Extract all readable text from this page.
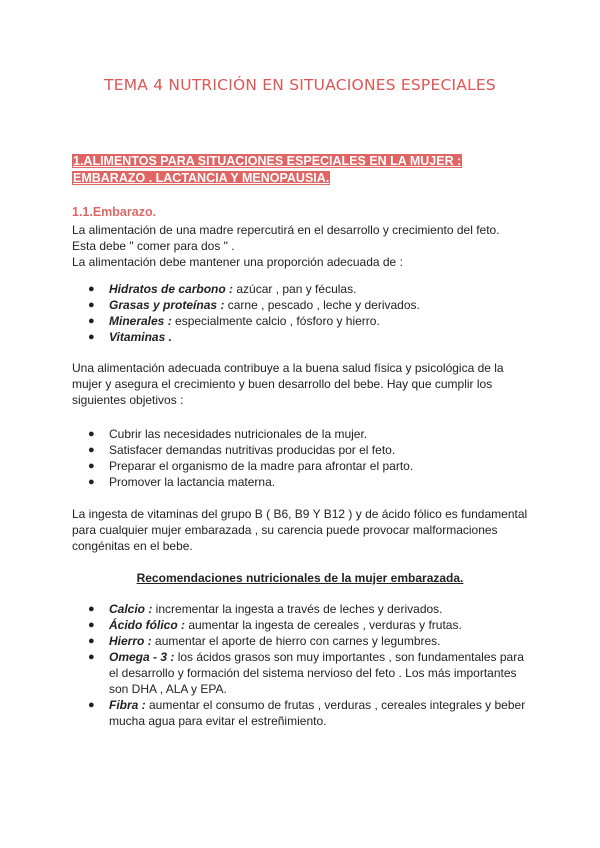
TEMA 4 NUTRICIÓN EN SITUACIONES ESPECIALES
1.ALIMENTOS PARA SITUACIONES ESPECIALES EN LA MUJER : EMBARAZO . LACTANCIA Y MENOPAUSIA.
1.1.Embarazo.
La alimentación de una madre repercutirá en el desarrollo y crecimiento del feto.
Esta debe " comer para dos " .
La alimentación debe mantener una proporción adecuada de :
● Hidratos de carbono : azúcar , pan y féculas.
● Grasas y proteínas : carne , pescado , leche y derivados.
● Minerales : especialmente calcio , fósforo y hierro.
● Vitaminas .
Una alimentación adecuada contribuye a la buena salud física y psicológica de la mujer y asegura el crecimiento y buen desarrollo del bebe. Hay que cumplir los siguientes objetivos :
● Cubrir las necesidades nutricionales de la mujer.
● Satisfacer demandas nutritivas producidas por el feto.
● Preparar el organismo de la madre para afrontar el parto.
● Promover la lactancia materna.
La ingesta de vitaminas del grupo B ( B6, B9 Y B12 ) y de ácido fólico es fundamental para cualquier mujer embarazada , su carencia puede provocar malformaciones congénitas en el bebe.
Recomendaciones nutricionales de la mujer embarazada.
● Calcio : incrementar la ingesta a través de leches y derivados.
● Ácido fólico : aumentar la ingesta de cereales , verduras y frutas.
● Hierro : aumentar el aporte de hierro con carnes y legumbres.
● Omega - 3 : los ácidos grasos son muy importantes , son fundamentales para el desarrollo y formación del sistema nervioso del feto . Los más importantes son DHA , ALA y EPA.
● Fibra : aumentar el consumo de frutas , verduras , cereales integrales y beber mucha agua para evitar el estreñimiento.
